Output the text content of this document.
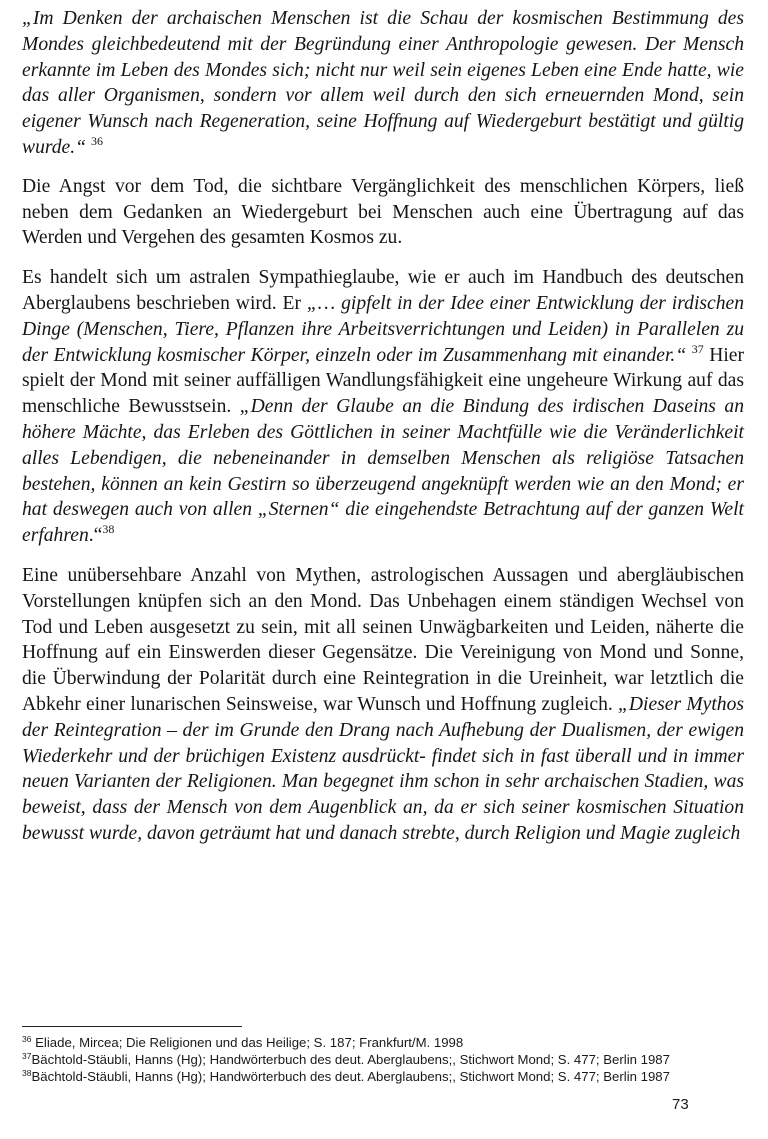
„Im Denken der archaischen Menschen ist die Schau der kosmischen Bestimmung des Mondes gleichbedeutend mit der Begründung einer Anthropologie gewesen. Der Mensch erkannte im Leben des Mondes sich; nicht nur weil sein eigenes Leben eine Ende hatte, wie das aller Organismen, sondern vor allem weil durch den sich erneuernden Mond, sein eigener Wunsch nach Regeneration, seine Hoffnung auf Wiedergeburt bestätigt und gültig wurde.“ $^{36}$

Die Angst vor dem Tod, die sichtbare Vergänglichkeit des menschlichen Körpers, ließ neben dem Gedanken an Wiedergeburt bei Menschen auch eine Übertragung auf das Werden und Vergehen des gesamten Kosmos zu.

Es handelt sich um astralen Sympathieglaube, wie er auch im Handbuch des deutschen Aberglaubens beschrieben wird. Er „… gipfelt in der Idee einer Entwicklung der irdischen Dinge (Menschen, Tiere, Pflanzen ihre Arbeitsverrichtungen und Leiden) in Parallelen zu der Entwicklung kosmischer Körper, einzeln oder im Zusammenhang mit einander.“ $^{37}$ Hier spielt der Mond mit seiner auffälligen Wandlungsfähigkeit eine ungeheure Wirkung auf das menschliche Bewusstsein. „Denn der Glaube an die Bindung des irdischen Daseins an höhere Mächte, das Erleben des Göttlichen in seiner Machtfülle wie die Veränderlichkeit alles Lebendigen, die nebeneinander in demselben Menschen als religiöse Tatsachen bestehen, können an kein Gestirn so überzeugend angeknüpft werden wie an den Mond; er hat deswegen auch von allen „Sternen“ die eingehendste Betrachtung auf der ganzen Welt erfahren.“$^{38}$

Eine unübersehbare Anzahl von Mythen, astrologischen Aussagen und abergläubischen Vorstellungen knüpfen sich an den Mond. Das Unbehagen einem ständigen Wechsel von Tod und Leben ausgesetzt zu sein, mit all seinen Unwägbarkeiten und Leiden, näherte die Hoffnung auf ein Einswerden dieser Gegensätze. Die Vereinigung von Mond und Sonne, die Überwindung der Polarität durch eine Reintegration in die Ureinheit, war letztlich die Abkehr einer lunarischen Seinsweise, war Wunsch und Hoffnung zugleich. „Dieser Mythos der Reintegration – der im Grunde den Drang nach Aufhebung der Dualismen, der ewigen Wiederkehr und der brüchigen Existenz ausdrückt- findet sich in fast überall und in immer neuen Varianten der Religionen. Man begegnet ihm schon in sehr archaischen Stadien, was beweist, dass der Mensch von dem Augenblick an, da er sich seiner kosmischen Situation bewusst wurde, davon geträumt hat und danach strebte, durch Religion und Magie zugleich

$^{36}$ Eliade, Mircea; Die Religionen und das Heilige; S. 187; Frankfurt/M. 1998

$^{37}$Bächtold-Stäubli, Hanns (Hg); Handwörterbuch des deut. Aberglaubens;, Stichwort Mond; S. 477; Berlin 1987

$^{38}$Bächtold-Stäubli, Hanns (Hg); Handwörterbuch des deut. Aberglaubens;, Stichwort Mond; S. 477; Berlin 1987

73
